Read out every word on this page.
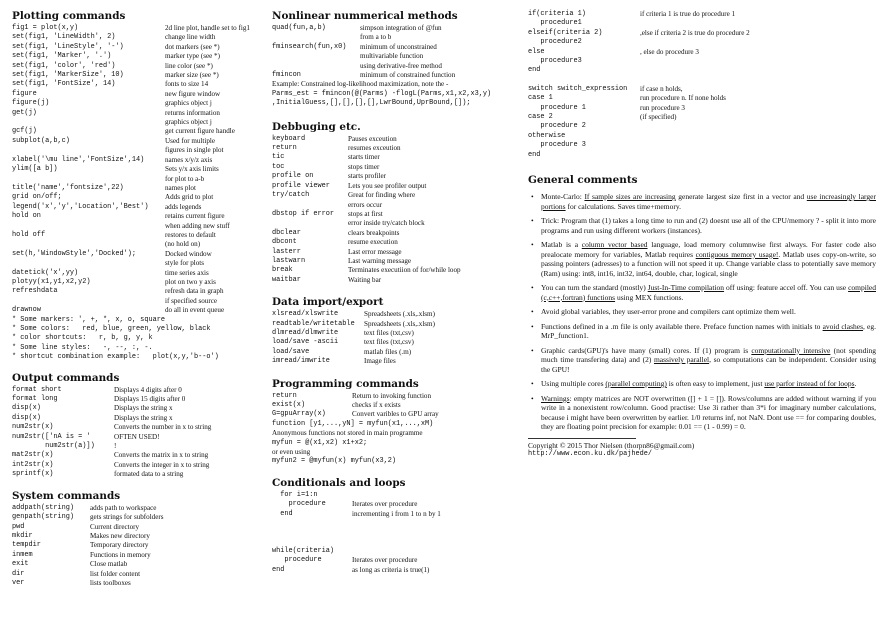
Plotting commands
fig1 = plot(x,y)	2d line plot, handle set to fig1
set(fig1, 'LineWidth', 2)	change line width
set(fig1, 'LineStyle', '-')	dot markers (see *)
set(fig1, 'Marker', '.')	marker type (see *)
set(fig1, 'color', 'red')	line color (see *)
set(fig1, 'MarkerSize', 10)	marker size (see *)
set(fig1, 'FontSize', 14)	fonts to size 14
figure	new figure window
figure(j)	graphics object j
get(j)	returns information
graphics object j
gcf(j)	get current figure handle
subplot(a,b,c)	Used for multiple
figures in single plot
xlabel('\mu line','FontSize',14)	names x/y/z axis
ylim([a b])	Sets y/x axis limits
for plot to a-b
title('name','fontsize',22)	names plot
grid on/off;	Adds grid to plot
legend('x','y','Location','Best')	adds legends
hold on	retains current figure
when adding new stuff
hold off	restores to default
(no hold on)
set(h,'WindowStyle','Docked');	Docked window
style for plots
datetick('x',yy)	time series axis
plotyy(x1,y1,x2,y2)	plot on two y axis
refreshdata	refresh data in graph
if specified source
drawnow	do all in event queue
* Some markers: ', +, *, x, o, square
* Some colors:   red, blue, green, yellow, black
* color shortcuts:   r, b, g, y, k
* Some line styles:   -, --, :, -.
* shortcut combination example:   plot(x,y,'b--o')
Output commands
format short	Displays 4 digits after 0
format long	Displays 15 digits after 0
disp(x)	Displays the string x
disp(x)	Displays the string x
num2str(x)	Converts the number in x to string
num2str(['nA is = '	OFTEN USED!
num2str(a)])	!
mat2str(x)	Converts the matrix in x to string
int2str(x)	Converts the integer in x to string
sprintf(x)	formated data to a string
System commands
addpath(string)	adds path to workspace
genpath(string)	gets strings for subfolders
pwd	Current directory
mkdir	Makes new directory
tempdir	Temporary directory
inmem	Functions in memory
exit	Close matlab
dir	list folder content
ver	lists toolboxes
Nonlinear nummerical methods
quad(fun,a,b)	simpson integration of @fun
from a to b
fminsearch(fun,x0)	minimum of unconstrained
multivariable function
using derivative-free method
fmincon	minimum of constrained function
Example: Constrained log-likelihood maximization, note the -
Parms_est = fmincon(@(Parms) -flogL(Parms,x1,x2,x3,y)
,InitialGuess,[],[],[],[],LwrBound,UprBound,[]);
Debbuging etc.
keyboard	Pauses exceution
return	resumes exceution
tic	starts timer
toc	stops timer
profile on	starts profiler
profile viewer	Lets you see profiler output
try/catch	Great for finding where
errors occur
dbstop if error	stops at first
error inside try/catch block
dbclear	clears breakpoints
dbcont	resume execution
lasterr	Last error message
lastwarn	Last warning message
break	Terminates executiion of for/while loop
waitbar	Waiting bar
Data import/export
xlsread/xlswrite	Spreadsheets (.xls,.xlsm)
readtable/writetable	Spreadsheets (.xls,.xlsm)
dlmread/dlmwrite	text files (txt,csv)
load/save -ascii	text files (txt,csv)
load/save	matlab files (.m)
imread/imwrite	Image files
Programming commands
return	Return to invoking function
exist(x)	checks if x exists
G=gpuArray(x)	Convert varibles to GPU array
function [y1,...,yN] = myfun(x1,...,xM)
Anonymous functions not stored in main programme
myfun = @(x1,x2) x1+x2;
or even using
myfun2 = @myfun(x) myfun(x3,2)
Conditionals and loops
for i=1:n
procedure	Iterates over procedure
end	incrementing i from 1 to n by 1
while(criteria)
procedure	Iterates over procedure
end	as long as criteria is true(1)
if(criteria 1)	if criteria 1 is true do procedure 1
procedure1
elseif(criteria 2)	,else if criteria 2 is true do procedure 2
procedure2
else	, else do procedure 3
procedure3
end
switch switch_expression	if case n holds,
case 1	run procedure n. If none holds
procedure 1	run procedure 3
case 2	(if specified)
procedure 2
otherwise
procedure 3
end
General comments
• Monte-Carlo: If sample sizes are increasing generate largest size first in a vector and use increasingly larger portions for calculations. Saves time+memory.
• Trick: Program that (1) takes a long time to run and (2) doesnt use all of the CPU/memory ? - split it into more programs and run using different workers (instances).
• Matlab is a column vector based language, load memory columnwise first always. For faster code also prealocate memory for variables, Matlab requires contiguous memory usage!. Matlab uses copy-on-write, so passing pointers (adresses) to a function will not speed it up. Change variable class to potentially save memory (Ram) using: int8, int16, int32, int64, double, char, logical, single
• You can turn the standard (mostly) Just-In-Time compilation off using: feature accel off. You can use compiled (c,c++,fortran) functions using MEX functions.
• Avoid global variables, they user-error prone and compilers cant optimize them well.
• Functions defined in a .m file is only available there. Preface function names with initials to avoid clashes, eg. MrP_function1.
• Graphic cards(GPU)'s have many (small) cores. If (1) program is computationally intensive (not spending much time transfering data) and (2) massively parallel, so computations can be independent. Consider using the GPU!
• Using multiple cores (parallel computing) is often easy to implement, just use parfor instead of for loops.
• Warnings: empty matrices are NOT overwritten ([] + 1 = []). Rows/columns are added without warning if you write in a nonexistent row/column. Good practise: Use 3i rather than 3*i for imaginary number calculations, because i might have been overwritten by earlier. 1/0 returns inf, not NaN. Dont use == for comparing doubles, they are floating point precision for example: 0.01 == (1 - 0.99) = 0.
Copyright © 2015 Thor Nielsen (thorpn86@gmail.com)
http://www.econ.ku.dk/pajhede/
